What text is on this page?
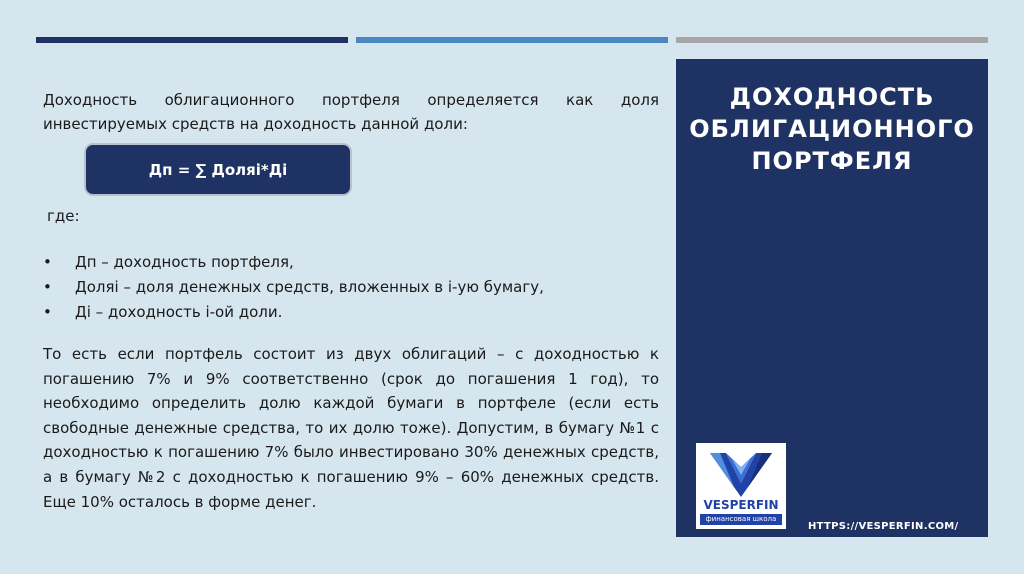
Доходность облигационного портфеля определяется как доля инвестируемых средств на доходность данной доли:
Дп = ∑ Доляі*Ді
где:
• Дп – доходность портфеля,
• Доляі – доля денежных средств, вложенных в і-ую бумагу,
• Ді – доходность і-ой доли.
То есть если портфель состоит из двух облигаций – с доходностью к погашению 7% и 9% соответственно (срок до погашения 1 год), то необходимо определить долю каждой бумаги в портфеле (если есть свободные денежные средства, то их долю тоже). Допустим, в бумагу №1 с доходностью к погашению 7% было инвестировано 30% денежных средств, а в бумагу №2 с доходностью к погашению 9% – 60% денежных средств. Еще 10% осталось в форме денег.
ДОХОДНОСТЬ
ОБЛИГАЦИОННОГО
ПОРТФЕЛЯ
VESPERFIN
финансовая школа
HTTPS://VESPERFIN.COM/
